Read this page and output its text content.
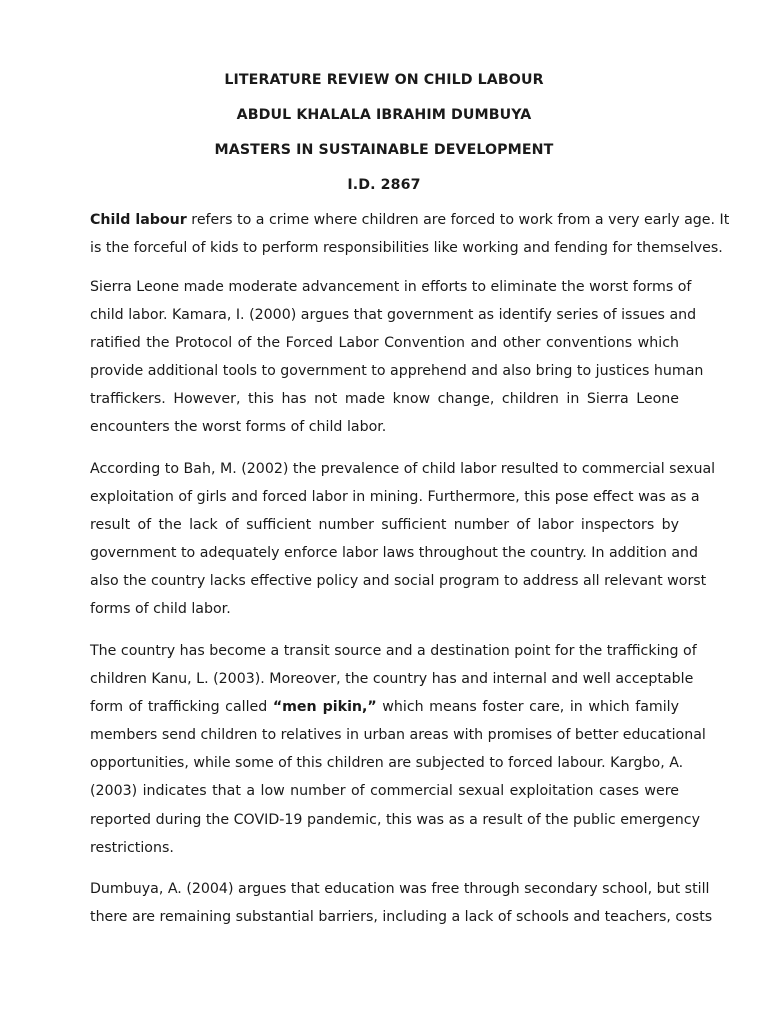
LITERATURE REVIEW ON CHILD LABOUR
ABDUL KHALALA IBRAHIM DUMBUYA
MASTERS IN SUSTAINABLE DEVELOPMENT
I.D. 2867
Child labour refers to a crime where children are forced to work from a very early age. It
is the forceful of kids to perform responsibilities like working and fending for themselves.
Sierra Leone made moderate advancement in efforts to eliminate the worst forms of
child labor. Kamara, I. (2000) argues that government as identify series of issues and
ratified the Protocol of the Forced Labor Convention and other conventions which
provide additional tools to government to apprehend and also bring to justices human
traffickers. However, this has not made know change, children in Sierra Leone
encounters the worst forms of child labor.
According to Bah, M. (2002) the prevalence of child labor resulted to commercial sexual
exploitation of girls and forced labor in mining. Furthermore, this pose effect was as a
result of the lack of sufficient number sufficient number of labor inspectors by
government to adequately enforce labor laws throughout the country. In addition and
also the country lacks effective policy and social program to address all relevant worst
forms of child labor.
The country has become a transit source and a destination point for the trafficking of
children Kanu, L. (2003). Moreover, the country has and internal and well acceptable
form of trafficking called “men pikin,” which means foster care, in which family
members send children to relatives in urban areas with promises of better educational
opportunities, while some of this children are subjected to forced labour. Kargbo, A.
(2003) indicates that a low number of commercial sexual exploitation cases were
reported during the COVID-19 pandemic, this was as a result of the public emergency
restrictions.
Dumbuya, A. (2004) argues that education was free through secondary school, but still
there are remaining substantial barriers, including a lack of schools and teachers, costs
